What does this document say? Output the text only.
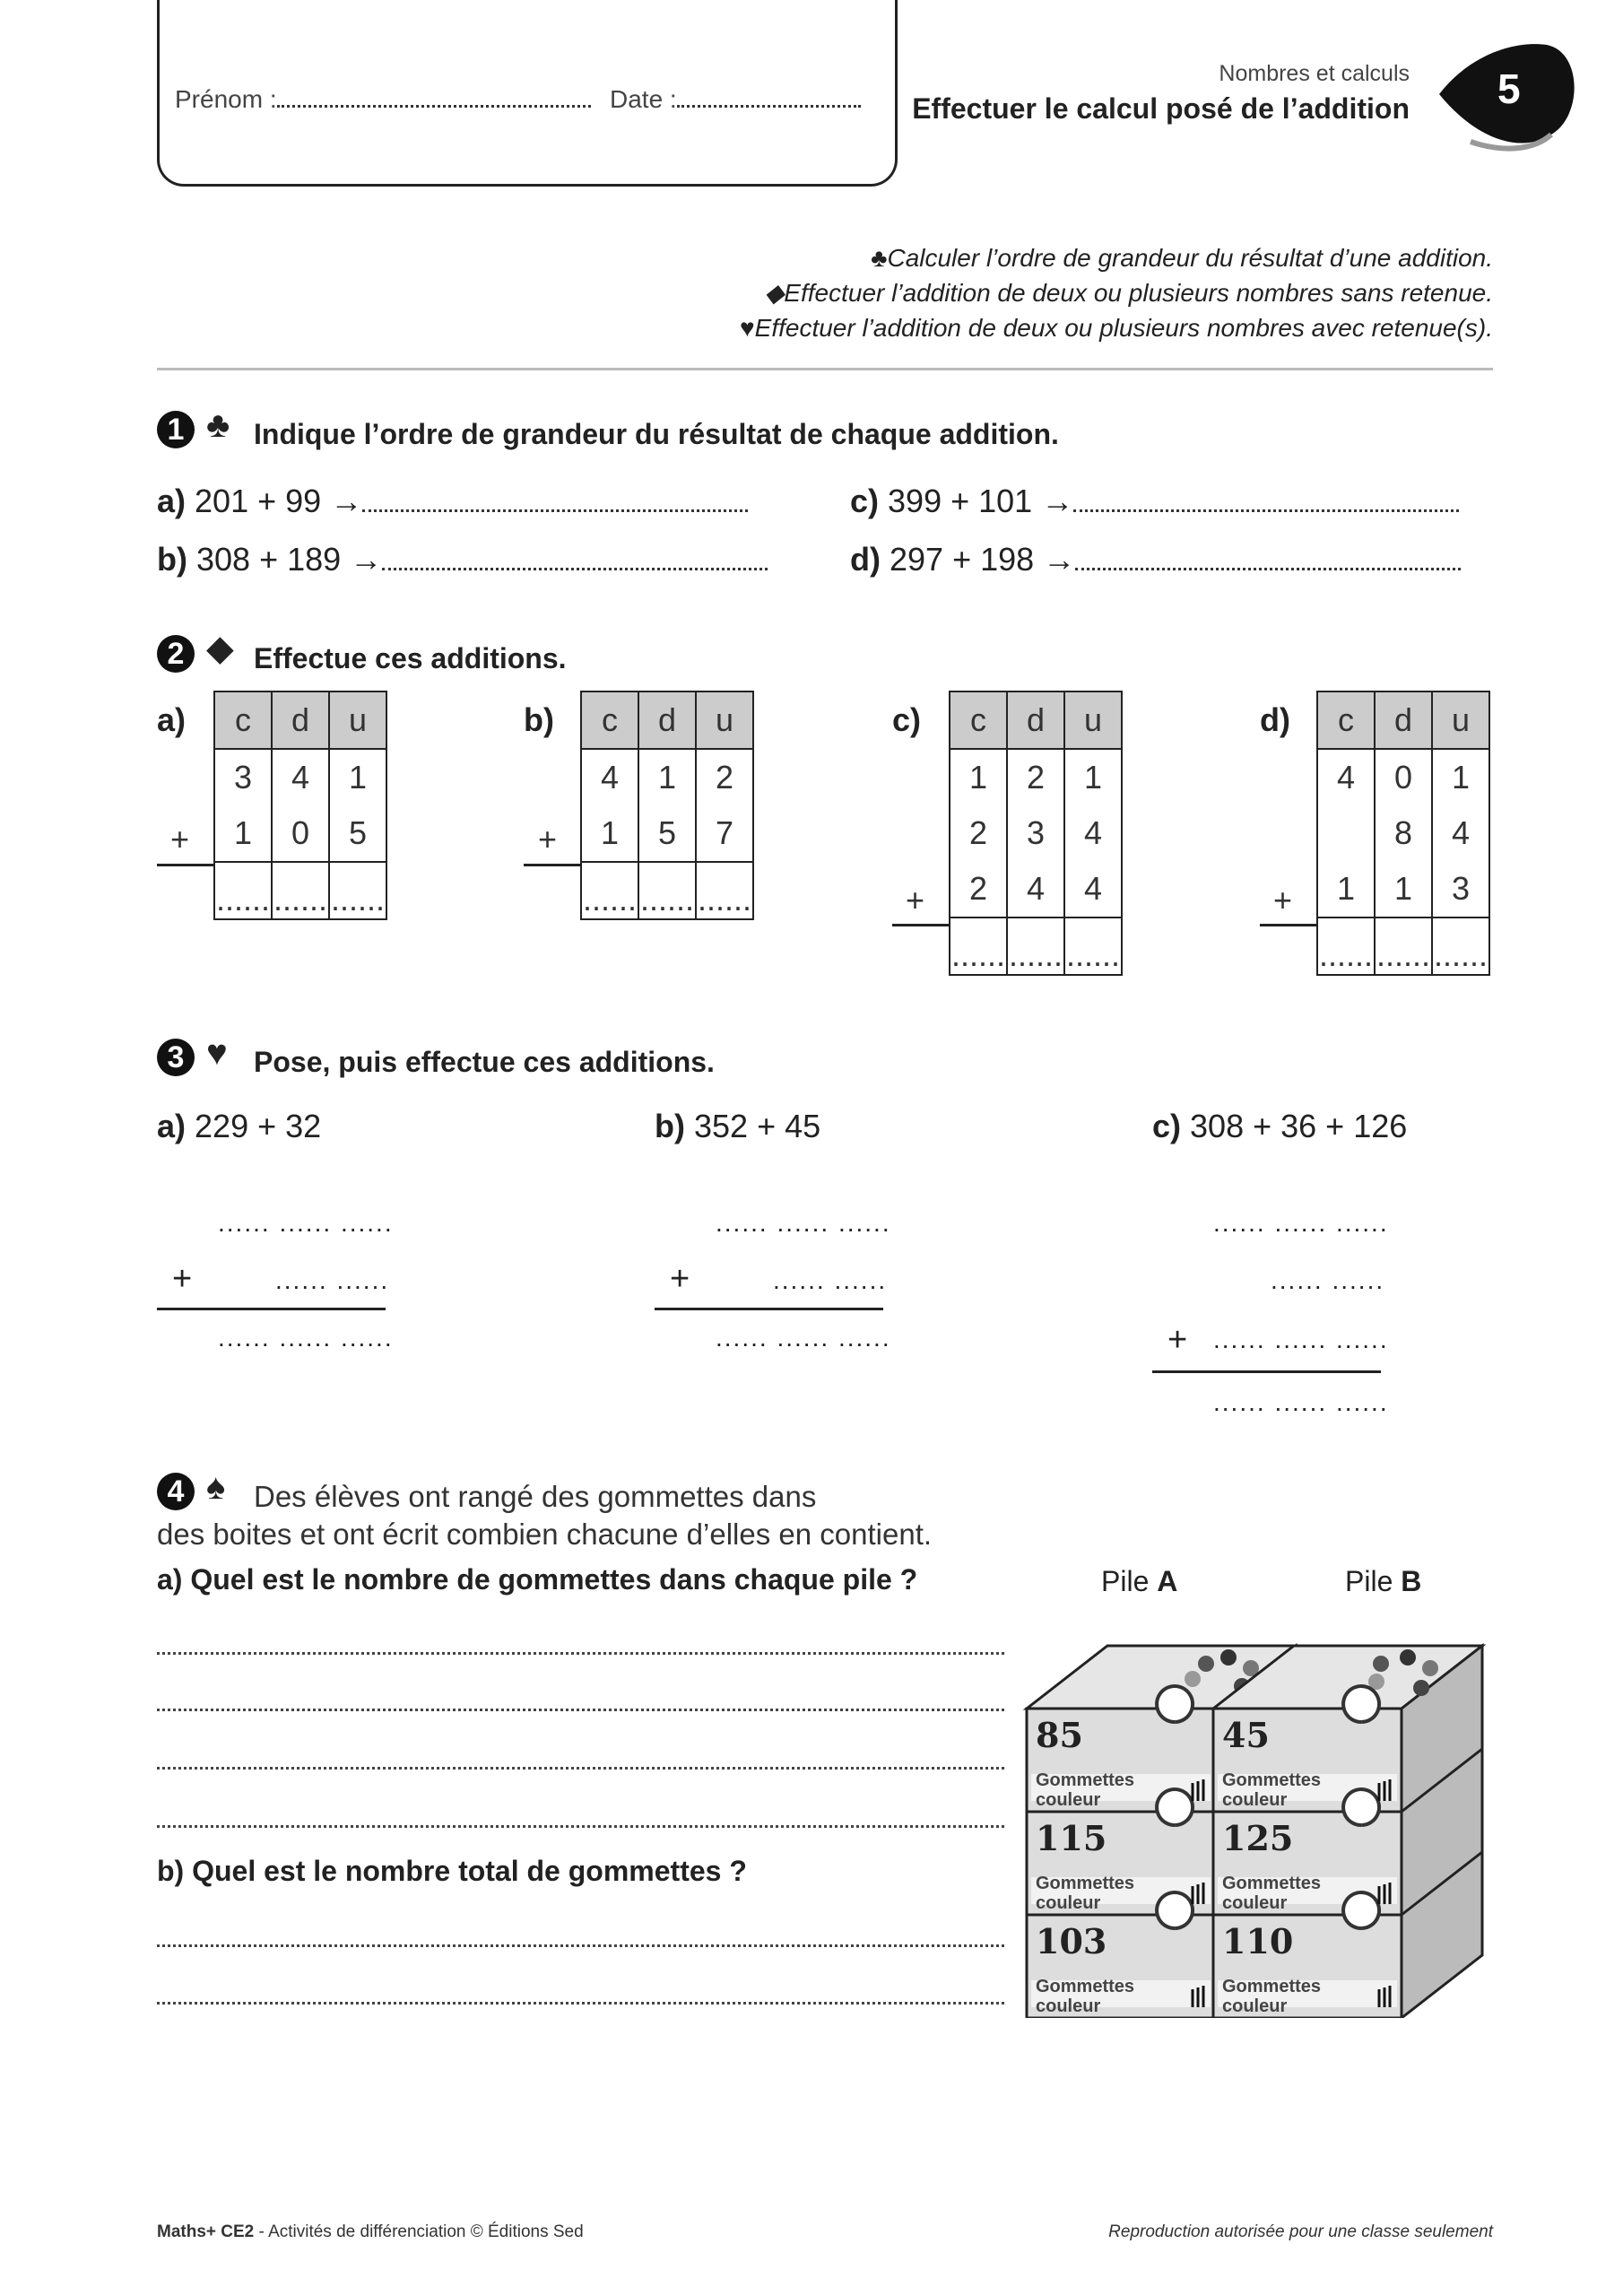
Prénom :	Date :
Nombres et calculs
Effectuer le calcul posé de l’addition 5
♣Calculer l’ordre de grandeur du résultat d’une addition.
◆Effectuer l’addition de deux ou plusieurs nombres sans retenue.
♥Effectuer l’addition de deux ou plusieurs nombres avec retenue(s).
1 ♣ Indique l’ordre de grandeur du résultat de chaque addition.
a) 201 + 99 →	c) 399 + 101 →
b) 308 + 189 →	d) 297 + 198 →
2 ◆ Effectue ces additions.
a) c	d	u
3	4	1
1	0	5
......	......	......
+
b) c	d	u
4	1	2
1	5	7
......	......	......
+
c) c	d	u
1	2	1
2	3	4
2	4	4
......	......	......
+
d) c	d	u
4	0	1
	8	4
1	1	3
......	......	......
+
3 ♥ Pose, puis effectue ces additions.
a) 229 + 32	b) 352 + 45	c) 308 + 36 + 126
...... ...... ......
...... ......
...... ...... ......
+
...... ...... ......
...... ......
...... ...... ......
+
...... ...... ......
...... ......
...... ...... ......
...... ...... ......
+
4 ♠ Des élèves ont rangé des gommettes dans
des boites et ont écrit combien chacune d’elles en contient.
a) Quel est le nombre de gommettes dans chaque pile ?
b) Quel est le nombre total de gommettes ?
Pile A	Pile B
85
115
103
45
125
110
Gommettes
couleur
Gommettes
couleur
Gommettes
couleur
Gommettes
couleur
Gommettes
couleur
Gommettes
couleur
Maths+ CE2 - Activités de différenciation © Éditions Sed	Reproduction autorisée pour une classe seulement
